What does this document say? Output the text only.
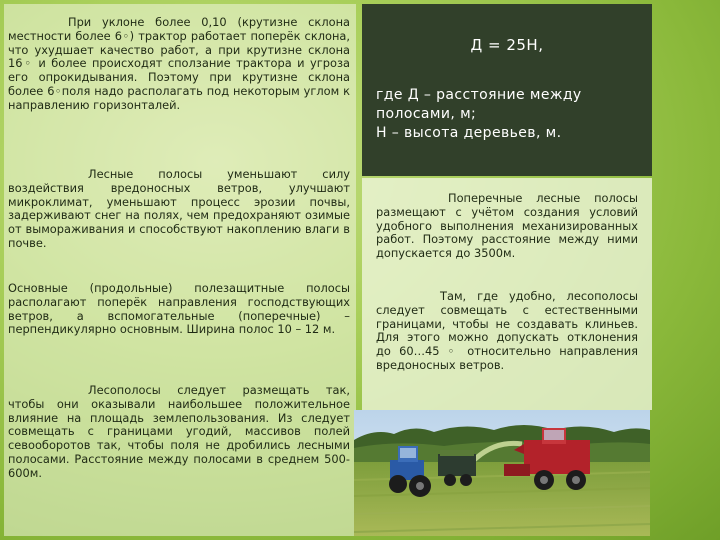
При уклоне более 0,10 (крутизне склона местности более 6◦) трактор работает поперёк склона, что ухудшает качество работ, а при крутизне склона 16◦ и более происходят сползание трактора и угроза его опрокидывания. Поэтому при крутизне склона более 6◦поля надо располагать под некоторым углом к направлению горизонталей.

Лесные полосы уменьшают силу воздействия вредоносных ветров, улучшают микроклимат, уменьшают процесс эрозии почвы, задерживают снег на полях, чем предохраняют озимые от вымораживания и способствуют накоплению влаги в почве.

Основные (продольные) полезащитные полосы располагают поперёк направления господствующих ветров, а вспомогательные (поперечные) – перпендикулярно основным. Ширина полос 10 – 12 м.

Лесополосы следует размещать так, чтобы они оказывали наибольшее положительное влияние на площадь землепользования. Из следует совмещать с границами угодий, массивов полей севооборотов так, чтобы поля не дробились лесными полосами. Расстояние между полосами в среднем 500-600м.

Д = 25Н,

где Д – расстояние между
полосами, м;
Н – высота деревьев, м.

Поперечные лесные полосы размещают с учётом создания условий удобного выполнения механизированных работ. Поэтому расстояние между ними допускается до 3500м.

Там, где удобно, лесополосы следует совмещать с естественными границами, чтобы не создавать клиньев. Для этого можно допускать отклонения до 60…45 ◦ относительно направления вредоносных ветров.
